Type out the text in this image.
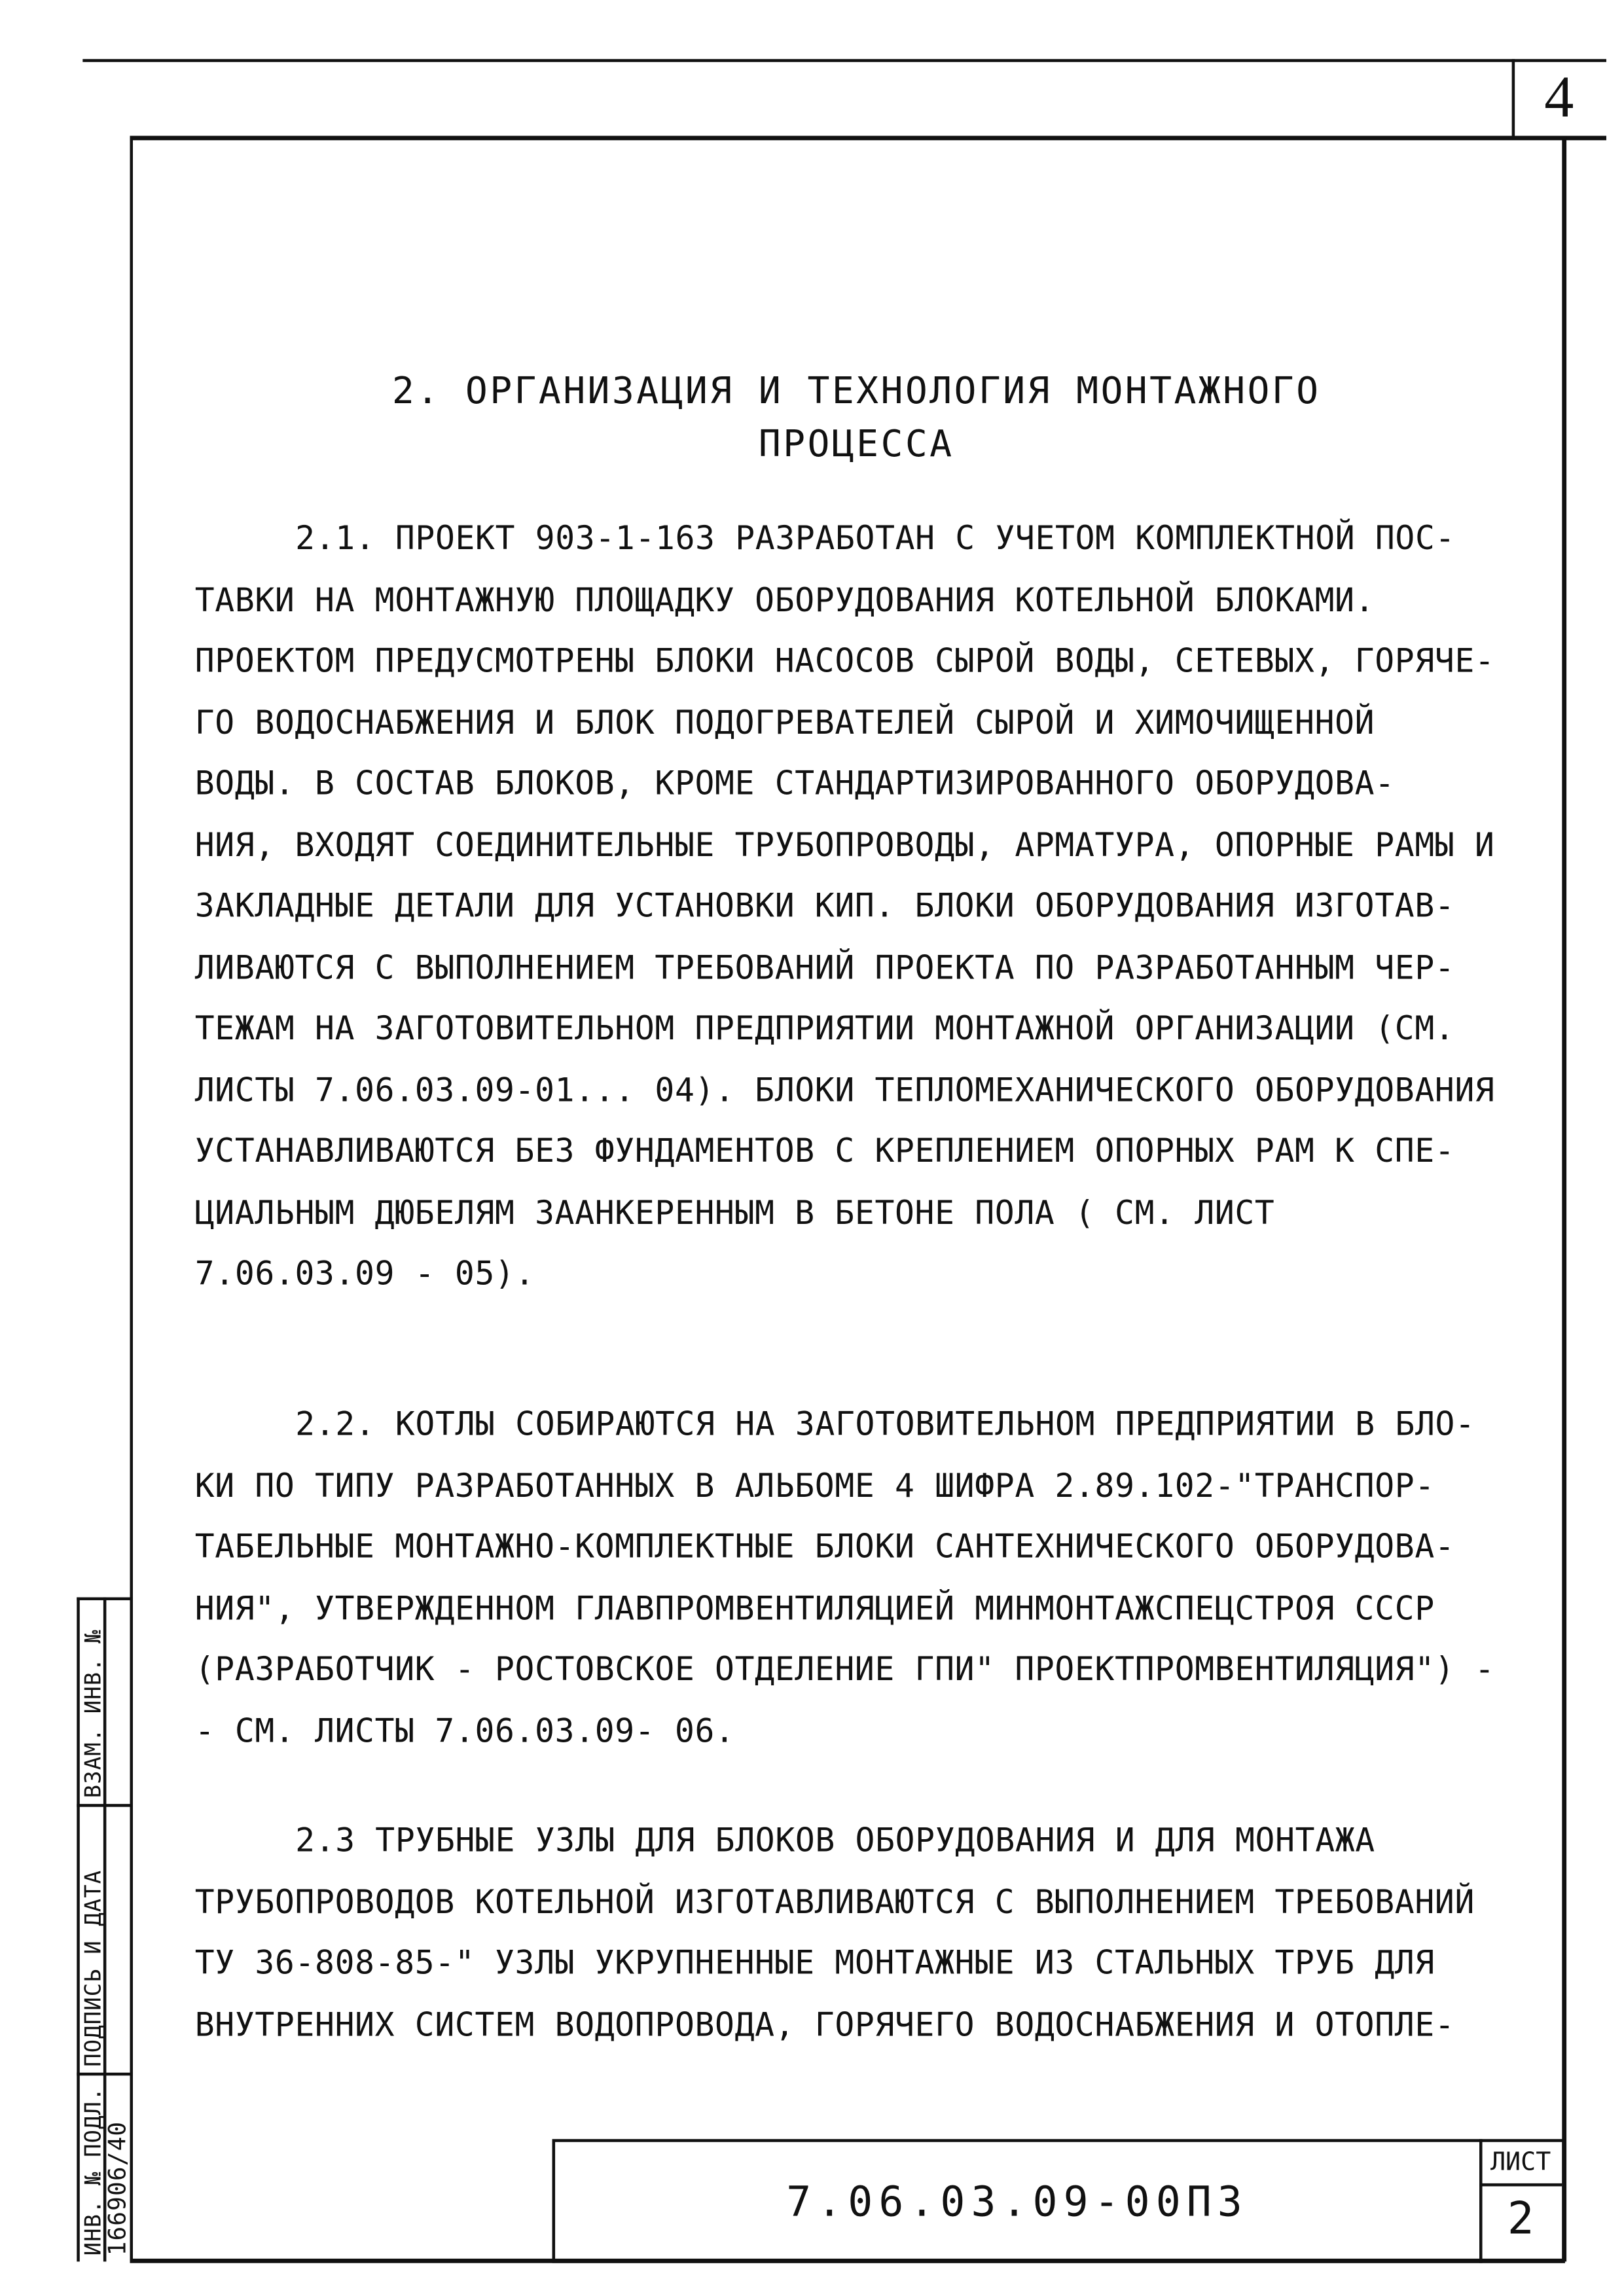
4
2. ОРГАНИЗАЦИЯ И ТЕХНОЛОГИЯ МОНТАЖНОГО
ПРОЦЕССА
2.1. ПРОЕКТ 903-1-163 РАЗРАБОТАН С УЧЕТОМ КОМПЛЕКТНОЙ ПОС-
ТАВКИ НА МОНТАЖНУЮ ПЛОЩАДКУ ОБОРУДОВАНИЯ КОТЕЛЬНОЙ БЛОКАМИ.
ПРОЕКТОМ ПРЕДУСМОТРЕНЫ БЛОКИ НАСОСОВ СЫРОЙ ВОДЫ, СЕТЕВЫХ, ГОРЯЧЕ-
ГО ВОДОСНАБЖЕНИЯ И БЛОК ПОДОГРЕВАТЕЛЕЙ СЫРОЙ И ХИМОЧИЩЕННОЙ
ВОДЫ. В СОСТАВ БЛОКОВ, КРОМЕ СТАНДАРТИЗИРОВАННОГО ОБОРУДОВА-
НИЯ, ВХОДЯТ СОЕДИНИТЕЛЬНЫЕ ТРУБОПРОВОДЫ, АРМАТУРА, ОПОРНЫЕ РАМЫ И
ЗАКЛАДНЫЕ ДЕТАЛИ ДЛЯ УСТАНОВКИ КИП. БЛОКИ ОБОРУДОВАНИЯ ИЗГОТАВ-
ЛИВАЮТСЯ С ВЫПОЛНЕНИЕМ ТРЕБОВАНИЙ ПРОЕКТА ПО РАЗРАБОТАННЫМ ЧЕР-
ТЕЖАМ НА ЗАГОТОВИТЕЛЬНОМ ПРЕДПРИЯТИИ МОНТАЖНОЙ ОРГАНИЗАЦИИ (СМ.
ЛИСТЫ 7.06.03.09-01... 04). БЛОКИ ТЕПЛОМЕХАНИЧЕСКОГО ОБОРУДОВАНИЯ
УСТАНАВЛИВАЮТСЯ БЕЗ ФУНДАМЕНТОВ С КРЕПЛЕНИЕМ ОПОРНЫХ РАМ К СПЕ-
ЦИАЛЬНЫМ ДЮБЕЛЯМ ЗААНКЕРЕННЫМ В БЕТОНЕ ПОЛА ( СМ. ЛИСТ
7.06.03.09 - 05).
2.2. КОТЛЫ СОБИРАЮТСЯ НА ЗАГОТОВИТЕЛЬНОМ ПРЕДПРИЯТИИ В БЛО-
КИ ПО ТИПУ РАЗРАБОТАННЫХ В АЛЬБОМЕ 4 ШИФРА 2.89.102-"ТРАНСПОР-
ТАБЕЛЬНЫЕ МОНТАЖНО-КОМПЛЕКТНЫЕ БЛОКИ САНТЕХНИЧЕСКОГО ОБОРУДОВА-
НИЯ", УТВЕРЖДЕННОМ ГЛАВПРОМВЕНТИЛЯЦИЕЙ МИНМОНТАЖСПЕЦСТРОЯ СССР
(РАЗРАБОТЧИК - РОСТОВСКОЕ ОТДЕЛЕНИЕ ГПИ" ПРОЕКТПРОМВЕНТИЛЯЦИЯ") -
- СМ. ЛИСТЫ 7.06.03.09- 06.
2.3 ТРУБНЫЕ УЗЛЫ ДЛЯ БЛОКОВ ОБОРУДОВАНИЯ И ДЛЯ МОНТАЖА
ТРУБОПРОВОДОВ КОТЕЛЬНОЙ ИЗГОТАВЛИВАЮТСЯ С ВЫПОЛНЕНИЕМ ТРЕБОВАНИЙ
ТУ 36-808-85-" УЗЛЫ УКРУПНЕННЫЕ МОНТАЖНЫЕ ИЗ СТАЛЬНЫХ ТРУБ ДЛЯ
ВНУТРЕННИХ СИСТЕМ ВОДОПРОВОДА, ГОРЯЧЕГО ВОДОСНАБЖЕНИЯ И ОТОПЛЕ-
7.06.03.09-00ПЗ
ЛИСТ
2
ИНВ. № ПОДЛ.
166906/40
ПОДПИСЬ И ДАТА
ВЗАМ. ИНВ. №
